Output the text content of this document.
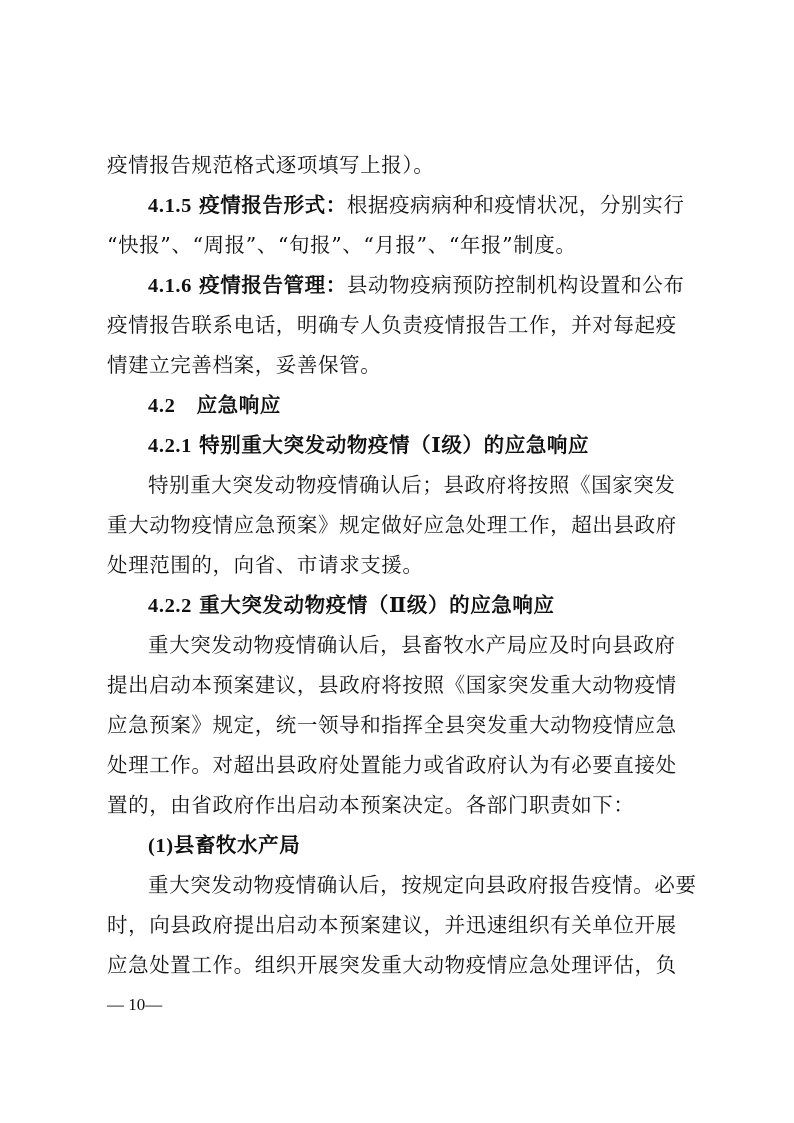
疫情报告规范格式逐项填写上报）。
4.1.5 疫情报告形式：根据疫病病种和疫情状况，分别实行
“快报”、“周报”、“旬报”、“月报”、“年报”制度。
4.1.6 疫情报告管理：县动物疫病预防控制机构设置和公布
疫情报告联系电话，明确专人负责疫情报告工作，并对每起疫
情建立完善档案，妥善保管。
4.2 应急响应
4.2.1 特别重大突发动物疫情（Ⅰ级）的应急响应
特别重大突发动物疫情确认后；县政府将按照《国家突发
重大动物疫情应急预案》规定做好应急处理工作，超出县政府
处理范围的，向省、市请求支援。
4.2.2 重大突发动物疫情（Ⅱ级）的应急响应
重大突发动物疫情确认后，县畜牧水产局应及时向县政府
提出启动本预案建议，县政府将按照《国家突发重大动物疫情
应急预案》规定，统一领导和指挥全县突发重大动物疫情应急
处理工作。对超出县政府处置能力或省政府认为有必要直接处
置的，由省政府作出启动本预案决定。各部门职责如下：
(1)县畜牧水产局
重大突发动物疫情确认后，按规定向县政府报告疫情。必要
时，向县政府提出启动本预案建议，并迅速组织有关单位开展
应急处置工作。组织开展突发重大动物疫情应急处理评估，负
— 10—
